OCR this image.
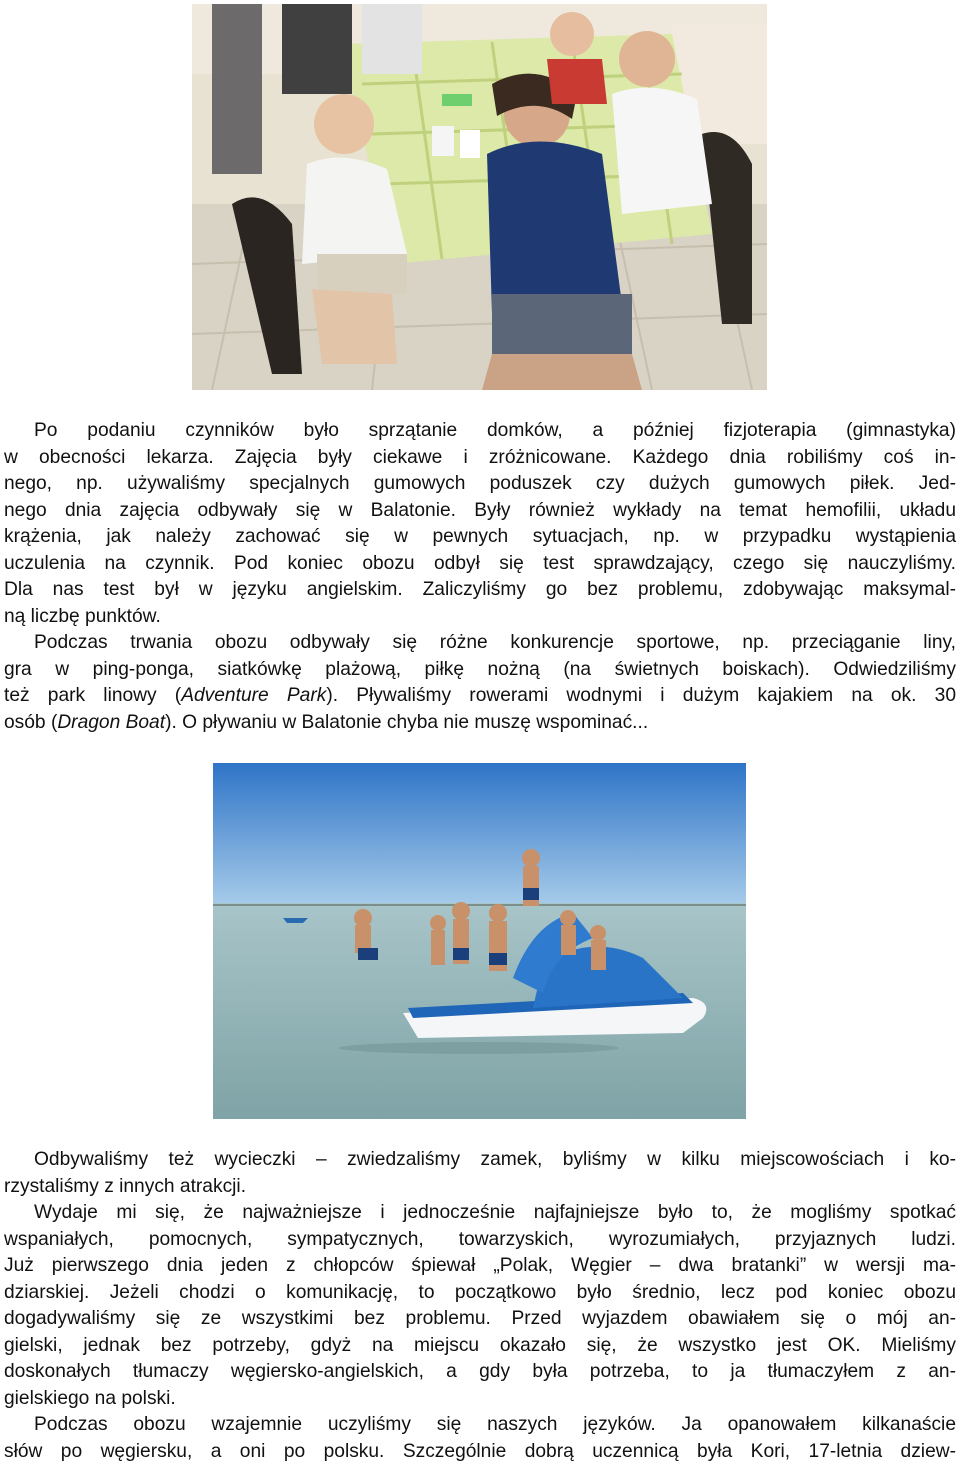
Po podaniu czynników było sprzątanie domków, a później fizjoterapia (gimnastyka)
w obecności lekarza. Zajęcia były ciekawe i zróżnicowane. Każdego dnia robiliśmy coś in-
nego, np. używaliśmy specjalnych gumowych poduszek czy dużych gumowych piłek. Jed-
nego dnia zajęcia odbywały się w Balatonie. Były również wykłady na temat hemofilii, układu
krążenia, jak należy zachować się w pewnych sytuacjach, np. w przypadku wystąpienia
uczulenia na czynnik. Pod koniec obozu odbył się test sprawdzający, czego się nauczyliśmy.
Dla nas test był w języku angielskim. Zaliczyliśmy go bez problemu, zdobywając maksymal-
ną liczbę punktów.

Podczas trwania obozu odbywały się różne konkurencje sportowe, np. przeciąganie liny,
gra w ping-ponga, siatkówkę plażową, piłkę nożną (na świetnych boiskach). Odwiedziliśmy
też park linowy (Adventure Park). Pływaliśmy rowerami wodnymi i dużym kajakiem na ok. 30
osób (Dragon Boat). O pływaniu w Balatonie chyba nie muszę wspominać...

Odbywaliśmy też wycieczki – zwiedzaliśmy zamek, byliśmy w kilku miejscowościach i ko-
rzystaliśmy z innych atrakcji.

Wydaje mi się, że najważniejsze i jednocześnie najfajniejsze było to, że mogliśmy spotkać
wspaniałych, pomocnych, sympatycznych, towarzyskich, wyrozumiałych, przyjaznych ludzi.
Już pierwszego dnia jeden z chłopców śpiewał „Polak, Węgier – dwa bratanki” w wersji ma-
dziarskiej. Jeżeli chodzi o komunikację, to początkowo było średnio, lecz pod koniec obozu
dogadywaliśmy się ze wszystkimi bez problemu. Przed wyjazdem obawiałem się o mój an-
gielski, jednak bez potrzeby, gdyż na miejscu okazało się, że wszystko jest OK. Mieliśmy
doskonałych tłumaczy węgiersko-angielskich, a gdy była potrzeba, to ja tłumaczyłem z an-
gielskiego na polski.

Podczas obozu wzajemnie uczyliśmy się naszych języków. Ja opanowałem kilkanaście
słów po węgiersku, a oni po polsku. Szczególnie dobrą uczennicą była Kori, 17-letnia dziew-
